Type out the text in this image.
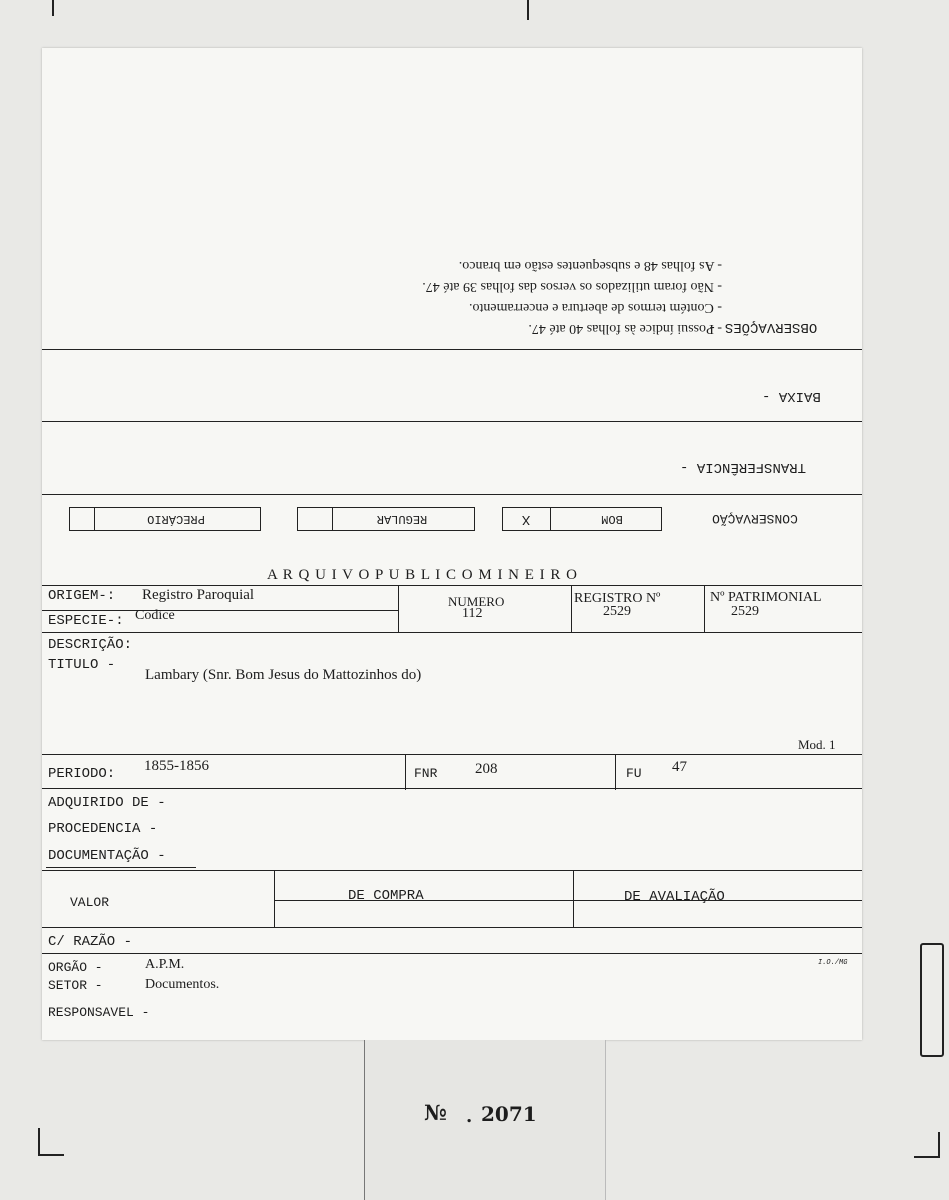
- Possui índice às folhas 40 até 47.
- Contém termos de abertura e encerramento.
- Não foram utilizados os versos das folhas 39 até 47.
- As folhas 48 e subsequentes estão em branco.
OBSERVAÇÕES -
BAIXA -
TRANSFERÊNCIA -
CONSERVAÇÃO
X	BOM
REGULAR
PRECÁRIO
A R Q U I V O P U B L I C O M I N E I R O
ORIGEM-: Registro Paroquial
ESPECIE-: Codice
NUMERO
112
REGISTRO Nº
2529
Nº PATRIMONIAL
2529
DESCRIÇÃO:
TITULO -
Lambary (Snr. Bom Jesus do Mattozinhos do)
Mod. 1
PERIODO: 1855-1856	FNR	208	FU 47
ADQUIRIDO DE -
PROCEDENCIA -
DOCUMENTAÇÃO -
VALOR	DE COMPRA	DE AVALIAÇÃO
C/ RAZÃO -
ORGÃO -	A.P.M.	I.O./MG
SETOR -	Documentos.
RESPONSAVEL -
№ . 2071
